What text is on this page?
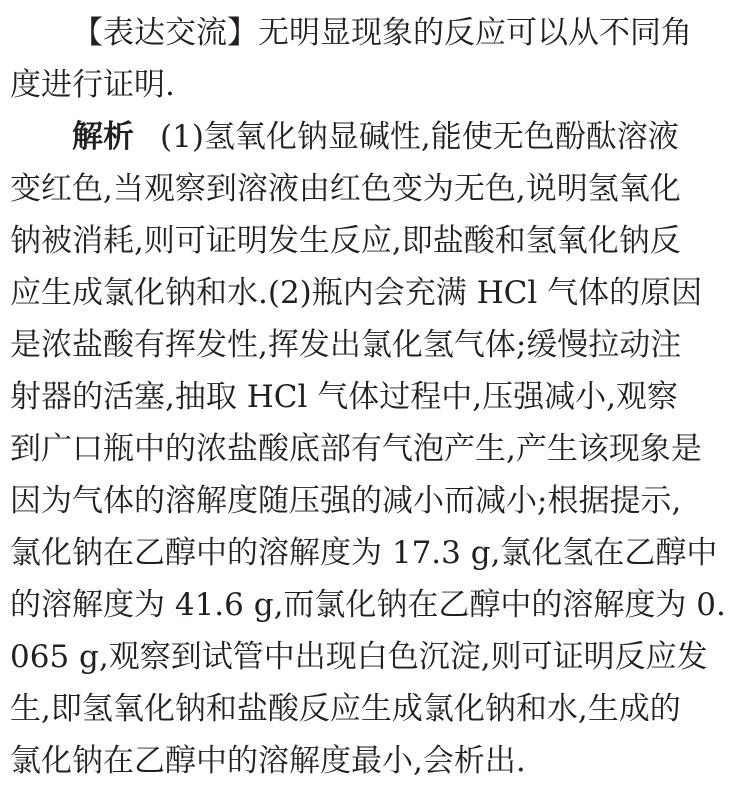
【表达交流】无明显现象的反应可以从不同角
度进行证明.
解析 (1)氢氧化钠显碱性,能使无色酚酞溶液
变红色,当观察到溶液由红色变为无色,说明氢氧化
钠被消耗,则可证明发生反应,即盐酸和氢氧化钠反
应生成氯化钠和水.(2)瓶内会充满 HCl 气体的原因
是浓盐酸有挥发性,挥发出氯化氢气体;缓慢拉动注
射器的活塞,抽取 HCl 气体过程中,压强减小,观察
到广口瓶中的浓盐酸底部有气泡产生,产生该现象是
因为气体的溶解度随压强的减小而减小;根据提示,
氯化钠在乙醇中的溶解度为 17.3 g,氯化氢在乙醇中
的溶解度为 41.6 g,而氯化钠在乙醇中的溶解度为 0.
065 g,观察到试管中出现白色沉淀,则可证明反应发
生,即氢氧化钠和盐酸反应生成氯化钠和水,生成的
氯化钠在乙醇中的溶解度最小,会析出.
